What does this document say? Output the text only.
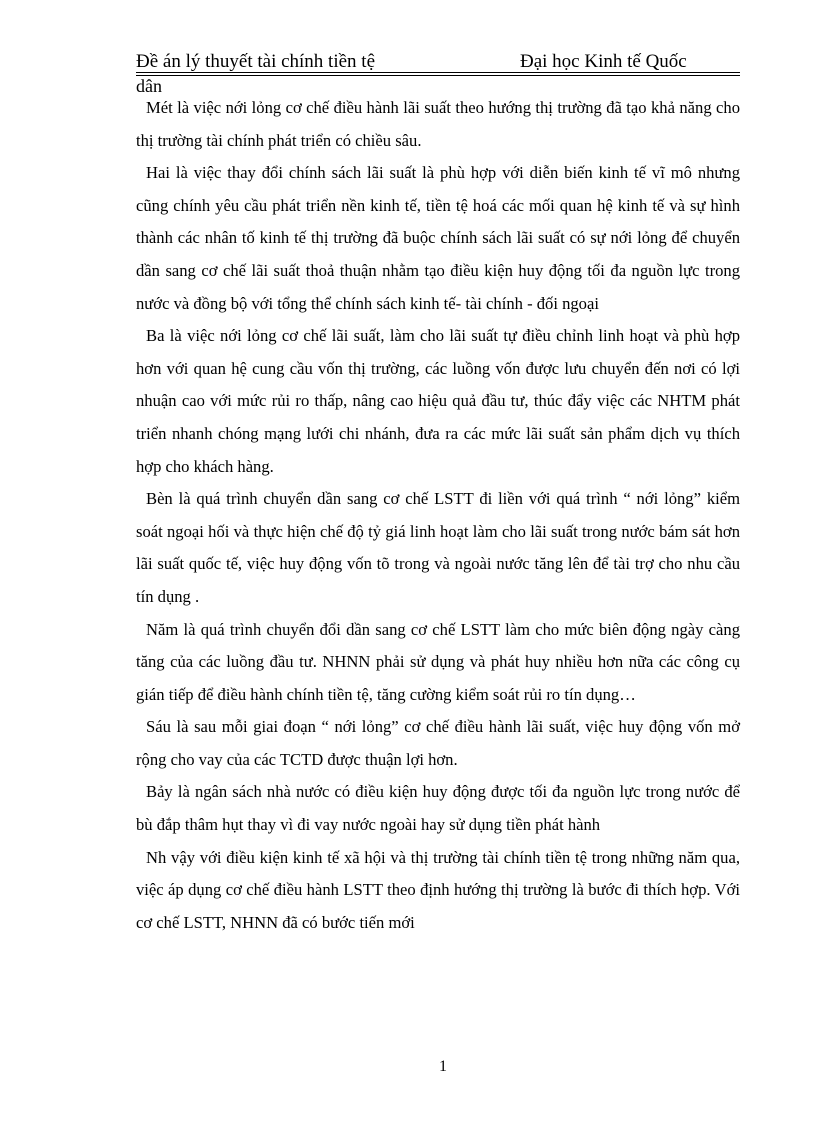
Đề án lý thuyết tài chính tiền tệ	Đại học Kinh tế Quốc
dân

Mét là việc nới lỏng cơ chế điều hành lãi suất theo hướng thị trường đã tạo khả năng cho thị trường tài chính phát triển có chiều sâu.

Hai là việc thay đổi chính sách lãi suất là phù hợp với diễn biến kinh tế vĩ mô nhưng cũng chính yêu cầu phát triển nền kinh tế, tiền tệ hoá các mối quan hệ kinh tế và sự hình thành các nhân tố kinh tế thị trường đã buộc chính sách lãi suất có sự nới lỏng để chuyển dần sang cơ chế lãi suất thoả thuận nhằm tạo điều kiện huy động tối đa nguồn lực trong nước và đồng bộ với tổng thể chính sách kinh tế- tài chính - đối ngoại

Ba là việc nới lỏng cơ chế lãi suất, làm cho lãi suất tự điều chỉnh linh hoạt và phù hợp hơn với quan hệ cung cầu vốn thị trường, các luồng vốn được lưu chuyển đến nơi có lợi nhuận cao với mức rủi ro thấp, nâng cao hiệu quả đầu tư, thúc đẩy việc các NHTM phát triển nhanh chóng mạng lưới chi nhánh, đưa ra các mức lãi suất sản phẩm dịch vụ thích hợp cho khách hàng.

Bèn là quá trình chuyển dần sang cơ chế LSTT đi liền với quá trình “ nới lỏng” kiểm soát ngoại hối và thực hiện chế độ tỷ giá linh hoạt làm cho lãi suất trong nước bám sát hơn lãi suất quốc tế, việc huy động vốn tõ trong và ngoài nước tăng lên để tài trợ cho nhu cầu tín dụng .

Năm là quá trình chuyển đổi dần sang cơ chế LSTT làm cho mức biên động ngày càng tăng của các luồng đầu tư. NHNN phải sử dụng và phát huy nhiều hơn nữa các công cụ gián tiếp để điều hành chính tiền tệ, tăng cường kiểm soát rủi ro tín dụng…

Sáu là sau mỗi giai đoạn “ nới lỏng” cơ chế điều hành lãi suất, việc huy động vốn mở rộng cho vay của các TCTD được thuận lợi hơn.

Bảy là ngân sách nhà nước có điều kiện huy động được tối đa nguồn lực trong nước để bù đắp thâm hụt thay vì đi vay nước ngoài hay sử dụng tiền phát hành

Nh vậy với điều kiện kinh tế xã hội và thị trường tài chính tiền tệ trong những năm qua, việc áp dụng cơ chế điều hành LSTT theo định hướng thị trường là bước đi thích hợp. Với cơ chế LSTT, NHNN đã có bước tiến mới

1
